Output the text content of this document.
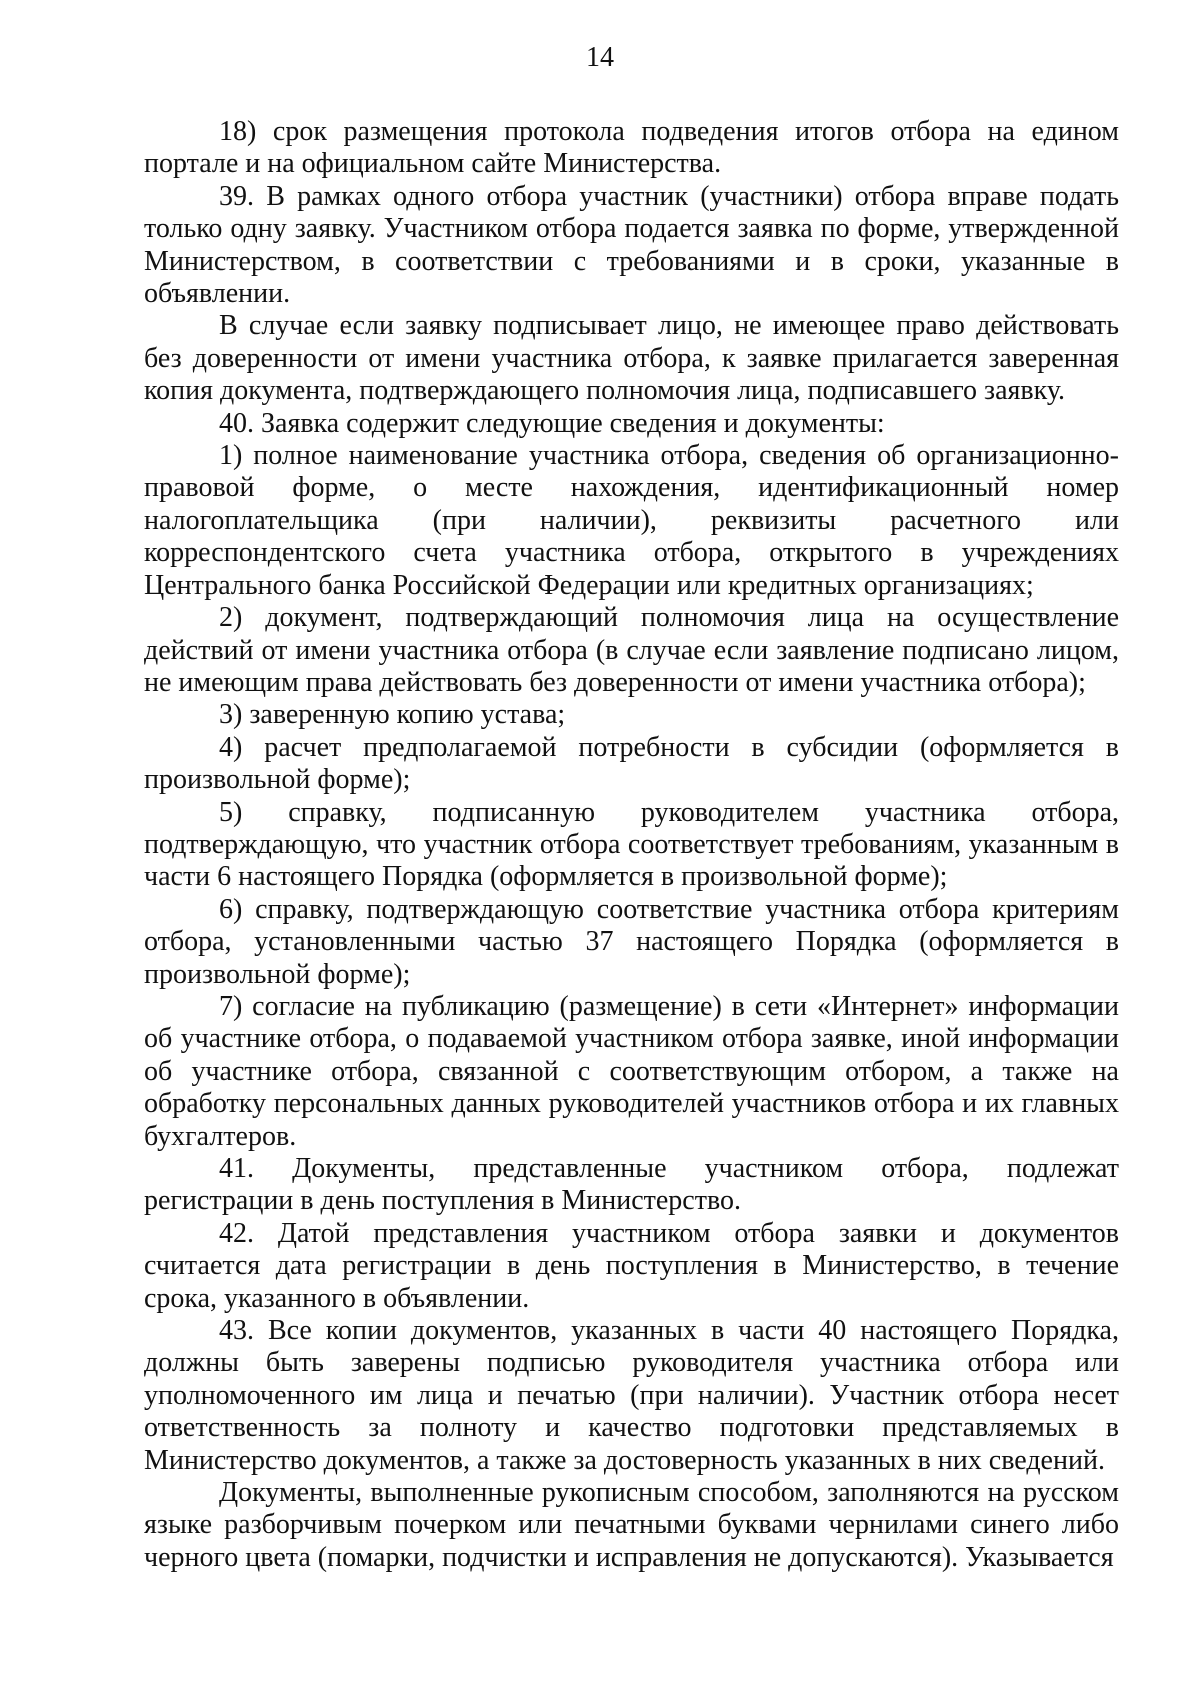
14

18) срок размещения протокола подведения итогов отбора на едином портале и на официальном сайте Министерства.

39. В рамках одного отбора участник (участники) отбора вправе подать только одну заявку. Участником отбора подается заявка по форме, утвержденной Министерством, в соответствии с требованиями и в сроки, указанные в объявлении.

В случае если заявку подписывает лицо, не имеющее право действовать без доверенности от имени участника отбора, к заявке прилагается заверенная копия документа, подтверждающего полномочия лица, подписавшего заявку.

40. Заявка содержит следующие сведения и документы:

1) полное наименование участника отбора, сведения об организационно-правовой форме, о месте нахождения, идентификационный номер налогоплательщика (при наличии), реквизиты расчетного или корреспондентского счета участника отбора, открытого в учреждениях Центрального банка Российской Федерации или кредитных организациях;

2) документ, подтверждающий полномочия лица на осуществление действий от имени участника отбора (в случае если заявление подписано лицом, не имеющим права действовать без доверенности от имени участника отбора);

3) заверенную копию устава;

4) расчет предполагаемой потребности в субсидии (оформляется в произвольной форме);

5) справку, подписанную руководителем участника отбора, подтверждающую, что участник отбора соответствует требованиям, указанным в части 6 настоящего Порядка (оформляется в произвольной форме);

6) справку, подтверждающую соответствие участника отбора критериям отбора, установленными частью 37 настоящего Порядка (оформляется в произвольной форме);

7) согласие на публикацию (размещение) в сети «Интернет» информации об участнике отбора, о подаваемой участником отбора заявке, иной информации об участнике отбора, связанной с соответствующим отбором, а также на обработку персональных данных руководителей участников отбора и их главных бухгалтеров.

41. Документы, представленные участником отбора, подлежат регистрации в день поступления в Министерство.

42. Датой представления участником отбора заявки и документов считается дата регистрации в день поступления в Министерство, в течение срока, указанного в объявлении.

43. Все копии документов, указанных в части 40 настоящего Порядка, должны быть заверены подписью руководителя участника отбора или уполномоченного им лица и печатью (при наличии). Участник отбора несет ответственность за полноту и качество подготовки представляемых в Министерство документов, а также за достоверность указанных в них сведений.

Документы, выполненные рукописным способом, заполняются на русском языке разборчивым почерком или печатными буквами чернилами синего либо черного цвета (помарки, подчистки и исправления не допускаются). Указывается
